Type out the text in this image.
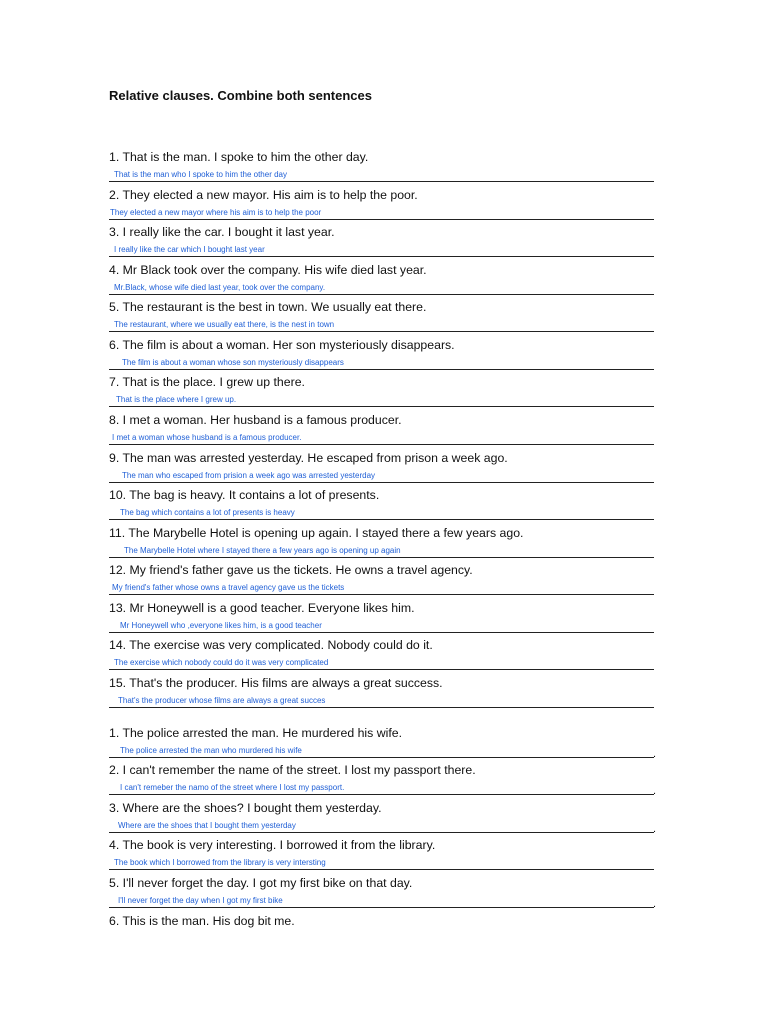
Relative clauses. Combine both sentences
1. That is the man. I spoke to him the other day.
That is the man who I spoke to him the other day
2. They elected a new mayor. His aim is to help the poor.
They elected a new mayor where his aim is to help the poor
3. I really like the car. I bought it last year.
I really like the car which I bought last year
4. Mr Black took over the company. His wife died last year.
Mr.Black, whose wife died last year, took over the company.
5. The restaurant is the best in town. We usually eat there.
The restaurant, where we usually eat there, is the nest in town
6. The film is about a woman. Her son mysteriously disappears.
The film is about a woman whose son mysteriously disappears
7. That is the place. I grew up there.
That is the place where I grew up.
8. I met a woman. Her husband is a famous producer.
I met a woman whose husband is a famous producer.
9. The man was arrested yesterday. He escaped from prison a week ago.
The man who escaped from prision a week ago was arrested yesterday
10. The bag is heavy. It contains a lot of presents.
The bag which contains a lot of presents is heavy
11. The Marybelle Hotel is opening up again. I stayed there a few years ago.
The Marybelle Hotel where I stayed there a few years ago is opening up again
12. My friend's father gave us the tickets. He owns a travel agency.
My friend's father whose owns a travel agency gave us the tickets
13. Mr Honeywell is a good teacher. Everyone likes him.
Mr Honeywell who ,everyone likes him, is a good teacher
14. The exercise was very complicated. Nobody could do it.
The exercise which nobody could do it was very complicated
15. That's the producer. His films are always a great success.
That's the producer whose films are always a great succes
1. The police arrested the man. He murdered his wife.
The police arrested the man who murdered his wife	.
2. I can't remember the name of the street. I lost my passport there.
I can't remeber the namo of the street where I lost my passport.	.
3. Where are the shoes? I bought them yesterday.
Where are the shoes that I bought them yesterday	.
4. The book is very interesting. I borrowed it from the library.
The book which I borrowed from the library is very intersting
5. I'll never forget the day. I got my first bike on that day.
I'll never forget the day when I got my first bike	.
6. This is the man. His dog bit me.
